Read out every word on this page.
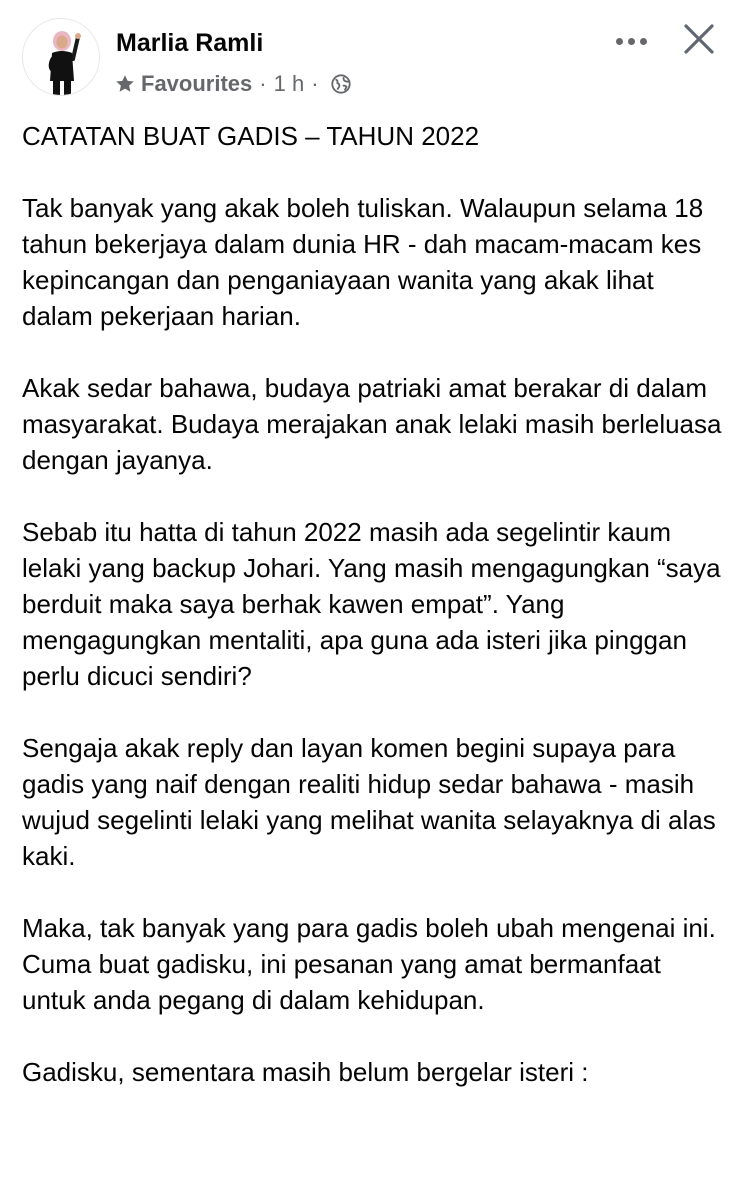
Marlia Ramli
Favourites · 1 h ·

CATATAN BUAT GADIS – TAHUN 2022

Tak banyak yang akak boleh tuliskan. Walaupun selama 18 tahun bekerjaya dalam dunia HR - dah macam-macam kes kepincangan dan penganiayaan wanita yang akak lihat dalam pekerjaan harian.

Akak sedar bahawa, budaya patriaki amat berakar di dalam masyarakat. Budaya merajakan anak lelaki masih berleluasa dengan jayanya.

Sebab itu hatta di tahun 2022 masih ada segelintir kaum lelaki yang backup Johari. Yang masih mengagungkan “saya berduit maka saya berhak kawen empat”. Yang mengagungkan mentaliti, apa guna ada isteri jika pinggan perlu dicuci sendiri?

Sengaja akak reply dan layan komen begini supaya para gadis yang naif dengan realiti hidup sedar bahawa - masih wujud segelinti lelaki yang melihat wanita selayaknya di alas kaki.

Maka, tak banyak yang para gadis boleh ubah mengenai ini. Cuma buat gadisku, ini pesanan yang amat bermanfaat untuk anda pegang di dalam kehidupan.

Gadisku, sementara masih belum bergelar isteri :
